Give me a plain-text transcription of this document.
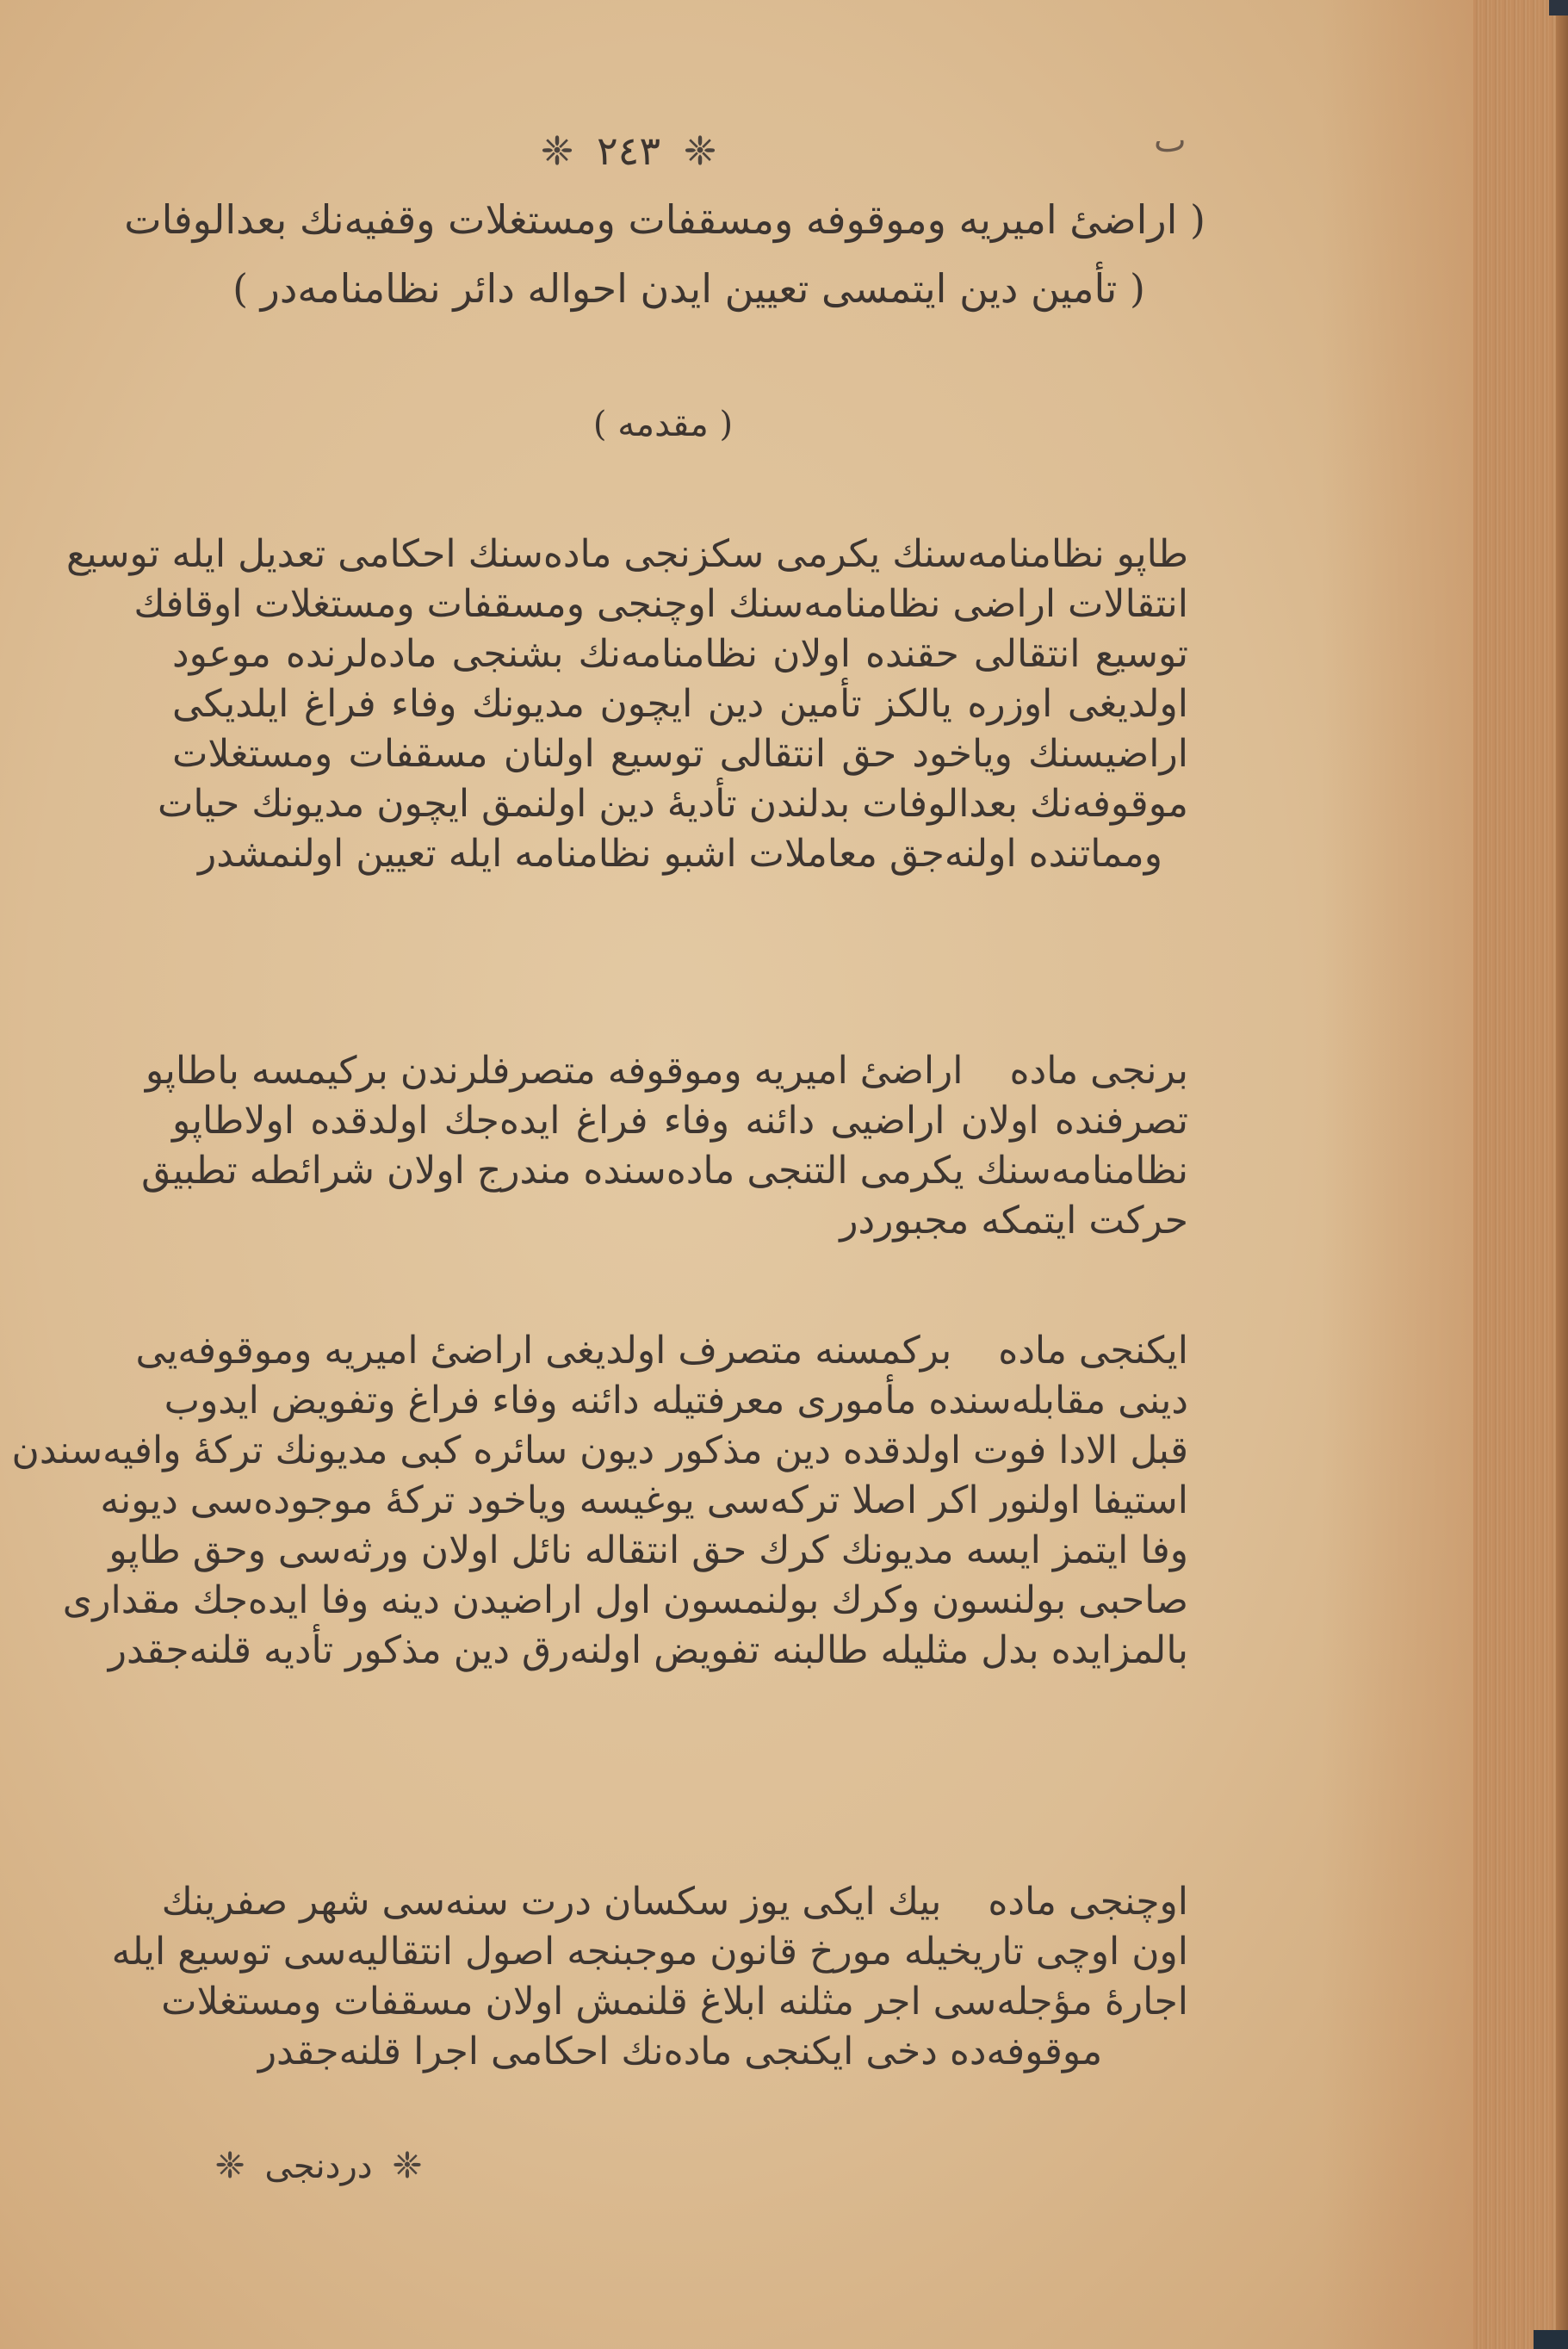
❈ ٢٤٣ ❈	ٮ
( اراضیٔ امیریه وموقوفه ومسقفات ومستغلات وقفیه‌نك بعدالوفات
( تأمین دین ایتمسی تعیین ایدن احواله دائر نظامنامه‌در )
( مقدمه )
طاپو نظامنامه‌سنك یکرمی سکزنجی ماده‌سنك احکامی تعدیل ایله توسیع
انتقالات اراضی نظامنامه‌سنك اوچنجی ومسقفات ومستغلات اوقافك
توسیع انتقالی حقنده اولان نظامنامه‌نك بشنجی ماده‌لرنده موعود
اولدیغی اوزره یالکز تأمین دین ایچون مدیونك وفاء فراغ ایلدیکی
اراضیسنك ویاخود حق انتقالی توسیع اولنان مسقفات ومستغلات
موقوفه‌نك بعدالوفات بدلندن تأدیهٔ دین اولنمق ایچون مدیونك حیات
ومماتنده اولنه‌جق معاملات اشبو نظامنامه ایله تعیین اولنمشدر
برنجی ماده اراضیٔ امیریه وموقوفه متصرفلرندن برکیمسه باطاپو
تصرفنده اولان اراضیی دائنه وفاء فراغ ایده‌جك اولدقده اولاطاپو
نظامنامه‌سنك یکرمی التنجی ماده‌سنده مندرج اولان شرائطه تطبیق
حرکت ایتمکه مجبوردر
ایکنجی ماده برکمسنه متصرف اولدیغی اراضیٔ امیریه وموقوفه‌یی
دینی مقابله‌سنده مأموری معرفتیله دائنه وفاء فراغ وتفویض ایدوب
قبل الادا فوت اولدقده دین مذکور دیون سائره کبی مدیونك ترکهٔ وافیه‌سندن
استیفا اولنور اکر اصلا ترکه‌سی یوغیسه ویاخود ترکهٔ موجوده‌سی دیونه
وفا ایتمز ایسه مدیونك کرك حق انتقاله نائل اولان ورثه‌سی وحق طاپو
صاحبی بولنسون وکرك بولنمسون اول اراضیدن دینه وفا ایده‌جك مقداری
بالمزایده بدل مثلیله طالبنه تفویض اولنه‌رق دین مذکور تأدیه قلنه‌جقدر
اوچنجی ماده بیك ایکی یوز سکسان درت سنه‌سی شهر صفرینك
اون اوچی تاریخیله مورخ قانون موجبنجه اصول انتقالیه‌سی توسیع ایله
اجارهٔ مؤجله‌سی اجر مثلنه ابلاغ قلنمش اولان مسقفات ومستغلات
موقوفه‌ده دخی ایکنجی ماده‌نك احکامی اجرا قلنه‌جقدر
❈ دردنجی ❈
